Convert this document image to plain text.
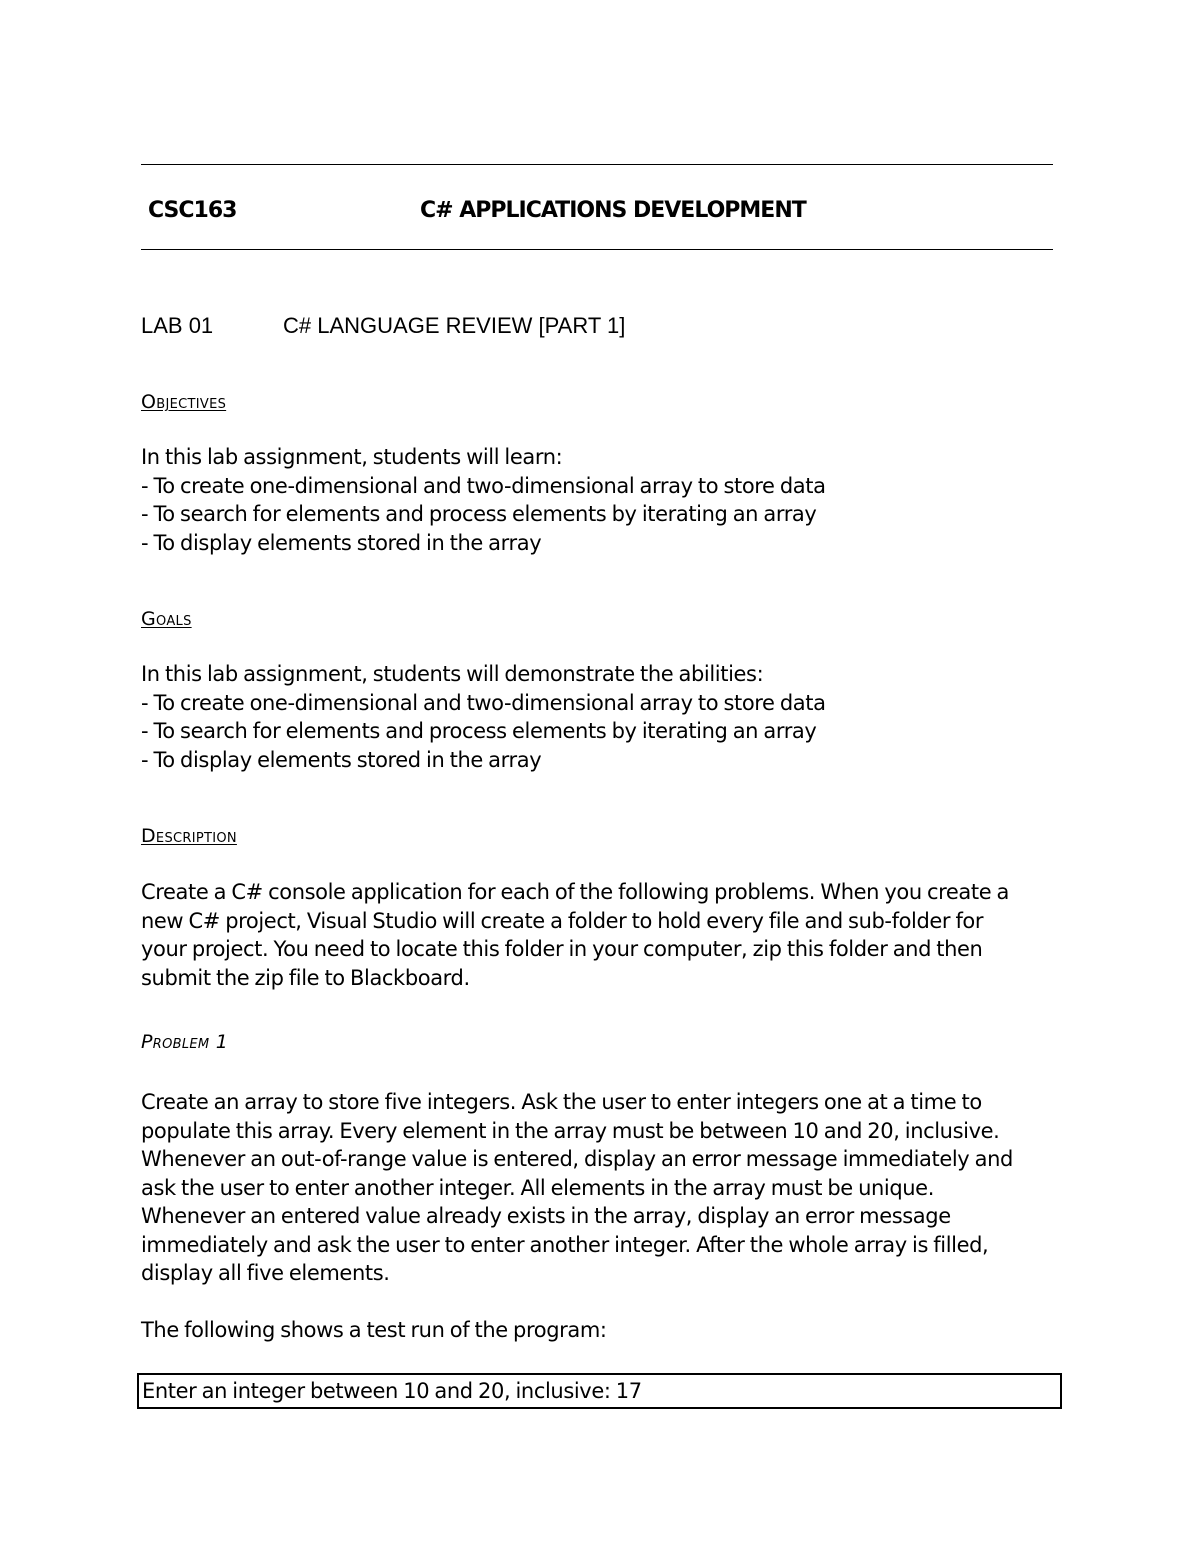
CSC163	C# APPLICATIONS DEVELOPMENT
LAB 01	C# LANGUAGE REVIEW [PART 1]
Objectives
In this lab assignment, students will learn:
- To create one-dimensional and two-dimensional array to store data
- To search for elements and process elements by iterating an array
- To display elements stored in the array
Goals
In this lab assignment, students will demonstrate the abilities:
- To create one-dimensional and two-dimensional array to store data
- To search for elements and process elements by iterating an array
- To display elements stored in the array
Description
Create a C# console application for each of the following problems. When you create a
new C# project, Visual Studio will create a folder to hold every file and sub-folder for
your project. You need to locate this folder in your computer, zip this folder and then
submit the zip file to Blackboard.
Problem 1
Create an array to store five integers. Ask the user to enter integers one at a time to
populate this array. Every element in the array must be between 10 and 20, inclusive.
Whenever an out-of-range value is entered, display an error message immediately and
ask the user to enter another integer. All elements in the array must be unique.
Whenever an entered value already exists in the array, display an error message
immediately and ask the user to enter another integer. After the whole array is filled,
display all five elements.
The following shows a test run of the program:
Enter an integer between 10 and 20, inclusive: 17
